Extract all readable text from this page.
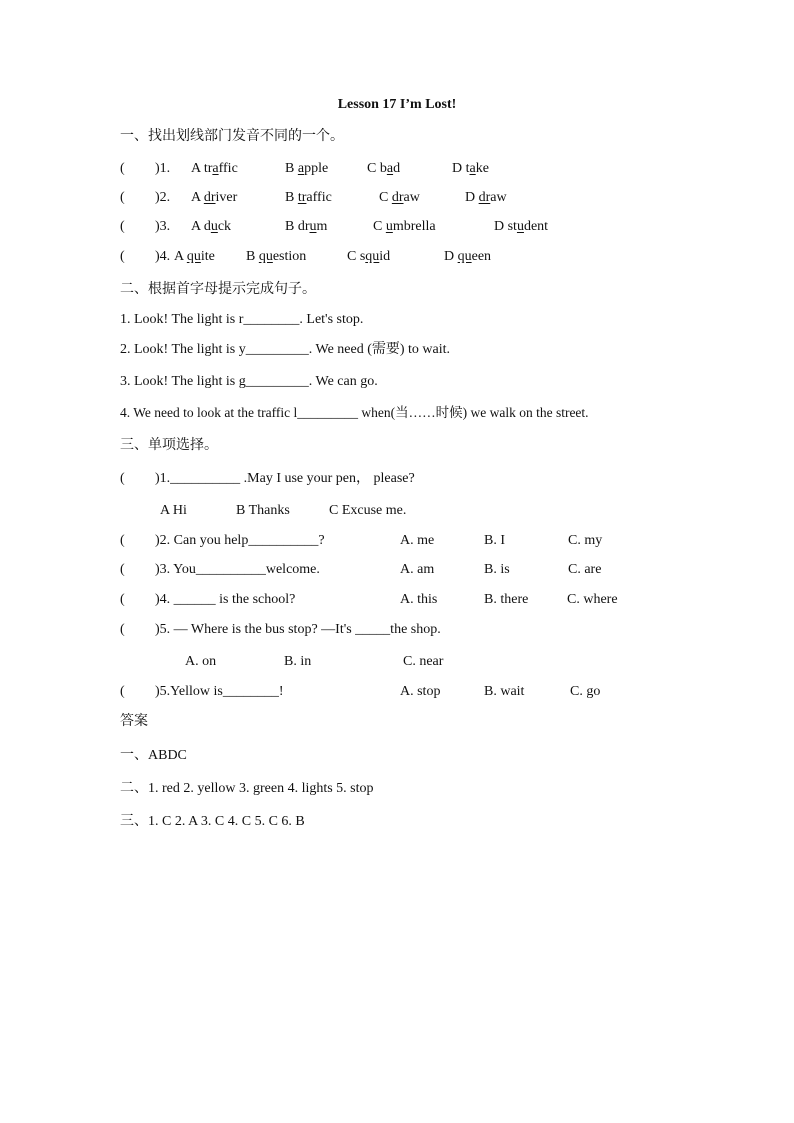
Lesson 17 I’m Lost!
一、找出划线部门发音不同的一个。
( )1. A traffic	B apple	C bad	D take
( )2. A driver	B traffic	C draw	D draw
( )3. A duck	B drum	C umbrella	D student
( )4. A quite B question	C squid	D queen
二、根据首字母提示完成句子。
1. Look! The light is r________. Let's stop.
2. Look! The light is y_________. We need (需要) to wait.
3. Look! The light is g_________. We can go.
4. We need to look at the traffic l_________ when(当……时候) we walk on the street.
三、单项选择。
( )1.__________ .May I use your pen， please?
A Hi	B Thanks	C Excuse me.
( )2. Can you help__________?	A. me	B. I	C. my
( )3. You__________welcome.	A. am	B. is	C. are
( )4. ______ is the school?	A. this	B. there	C. where
( )5. — Where is the bus stop? —It's _____the shop.
A. on	B. in	C. near
( )5.Yellow is________!	A. stop	B. wait	C. go
答案
一、ABDC
二、1. red 2. yellow 3. green 4. lights 5. stop
三、1. C 2. A 3. C 4. C 5. C 6. B
